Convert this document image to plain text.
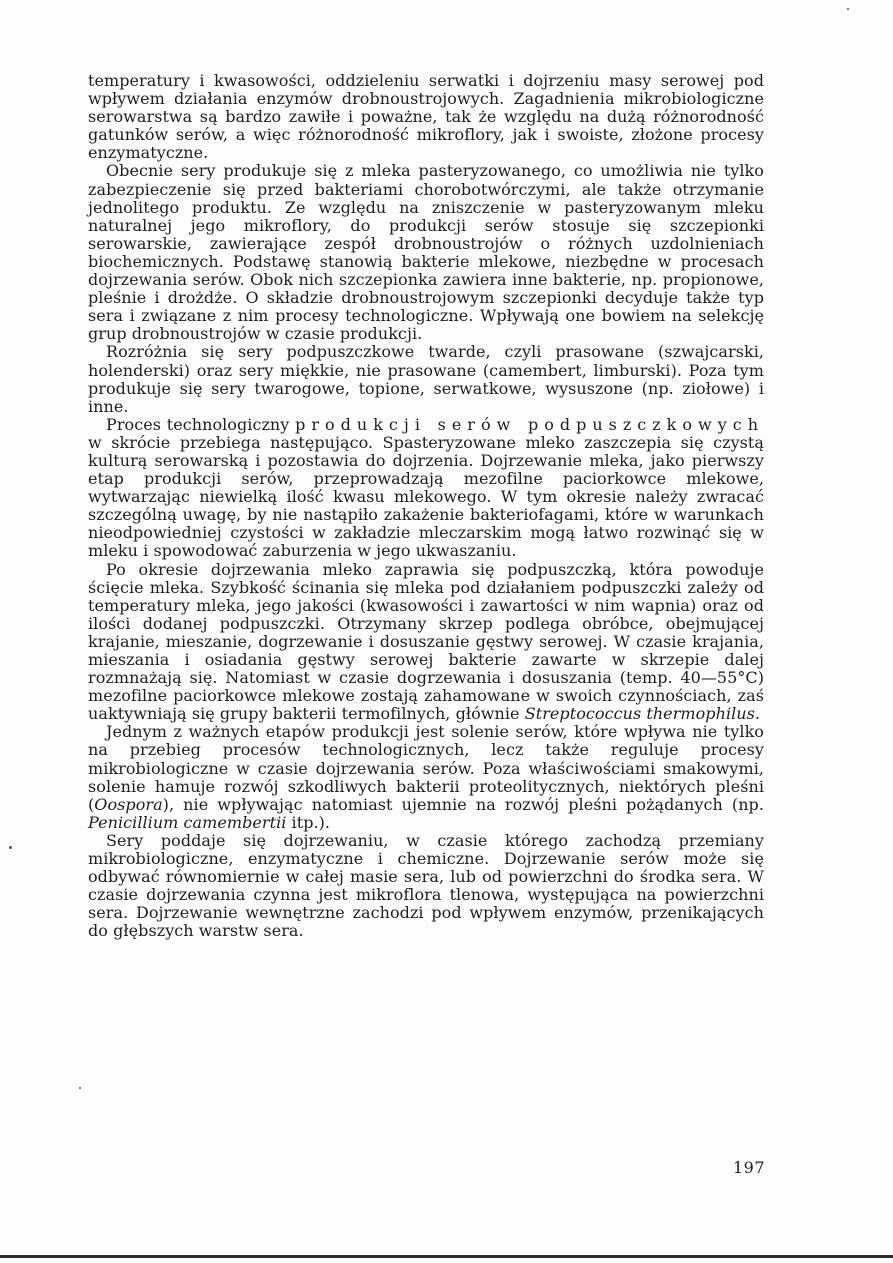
temperatury i kwasowości, oddzieleniu serwatki i dojrzeniu masy serowej pod wpływem działania enzymów drobnoustrojowych. Zagadnienia mikrobiologiczne serowarstwa są bardzo zawiłe i poważne, tak że względu na dużą różnorodność gatunków serów, a więc różnorodność mikroflory, jak i swoiste, złożone procesy enzymatyczne.

Obecnie sery produkuje się z mleka pasteryzowanego, co umożliwia nie tylko zabezpieczenie się przed bakteriami chorobotwórczymi, ale także otrzymanie jednolitego produktu. Ze względu na zniszczenie w pasteryzowanym mleku naturalnej jego mikroflory, do produkcji serów stosuje się szczepionki serowarskie, zawierające zespół drobnoustrojów o różnych uzdolnieniach biochemicznych. Podstawę stanowią bakterie mlekowe, niezbędne w procesach dojrzewania serów. Obok nich szczepionka zawiera inne bakterie, np. propionowe, pleśnie i drożdże. O składzie drobnoustrojowym szczepionki decyduje także typ sera i związane z nim procesy technologiczne. Wpływają one bowiem na selekcję grup drobnoustrojów w czasie produkcji.

Rozróżnia się sery podpuszczkowe twarde, czyli prasowane (szwajcarski, holenderski) oraz sery miękkie, nie prasowane (camembert, limburski). Poza tym produkuje się sery twarogowe, topione, serwatkowe, wysuszone (np. ziołowe) i inne.

Proces technologiczny produkcji serów podpuszczkowych w skrócie przebiega następująco. Spasteryzowane mleko zaszczepia się czystą kulturą serowarską i pozostawia do dojrzenia. Dojrzewanie mleka, jako pierwszy etap produkcji serów, przeprowadzają mezofilne paciorkowce mlekowe, wytwarzając niewielką ilość kwasu mlekowego. W tym okresie należy zwracać szczególną uwagę, by nie nastąpiło zakażenie bakteriofagami, które w warunkach nieodpowiedniej czystości w zakładzie mleczarskim mogą łatwo rozwinąć się w mleku i spowodować zaburzenia w jego ukwaszaniu.

Po okresie dojrzewania mleko zaprawia się podpuszczką, która powoduje ścięcie mleka. Szybkość ścinania się mleka pod działaniem podpuszczki zależy od temperatury mleka, jego jakości (kwasowości i zawartości w nim wapnia) oraz od ilości dodanej podpuszczki. Otrzymany skrzep podlega obróbce, obejmującej krajanie, mieszanie, dogrzewanie i dosuszanie gęstwy serowej. W czasie krajania, mieszania i osiadania gęstwy serowej bakterie zawarte w skrzepie dalej rozmnażają się. Natomiast w czasie dogrzewania i dosuszania (temp. 40—55°C) mezofilne paciorkowce mlekowe zostają zahamowane w swoich czynnościach, zaś uaktywniają się grupy bakterii termofilnych, głównie Streptococcus thermophilus.

Jednym z ważnych etapów produkcji jest solenie serów, które wpływa nie tylko na przebieg procesów technologicznych, lecz także reguluje procesy mikrobiologiczne w czasie dojrzewania serów. Poza właściwościami smakowymi, solenie hamuje rozwój szkodliwych bakterii proteolitycznych, niektórych pleśni (Oospora), nie wpływając natomiast ujemnie na rozwój pleśni pożądanych (np. Penicillium camembertii itp.).

Sery poddaje się dojrzewaniu, w czasie którego zachodzą przemiany mikrobiologiczne, enzymatyczne i chemiczne. Dojrzewanie serów może się odbywać równomiernie w całej masie sera, lub od powierzchni do środka sera. W czasie dojrzewania czynna jest mikroflora tlenowa, występująca na powierzchni sera. Dojrzewanie wewnętrzne zachodzi pod wpływem enzymów, przenikających do głębszych warstw sera.

197
